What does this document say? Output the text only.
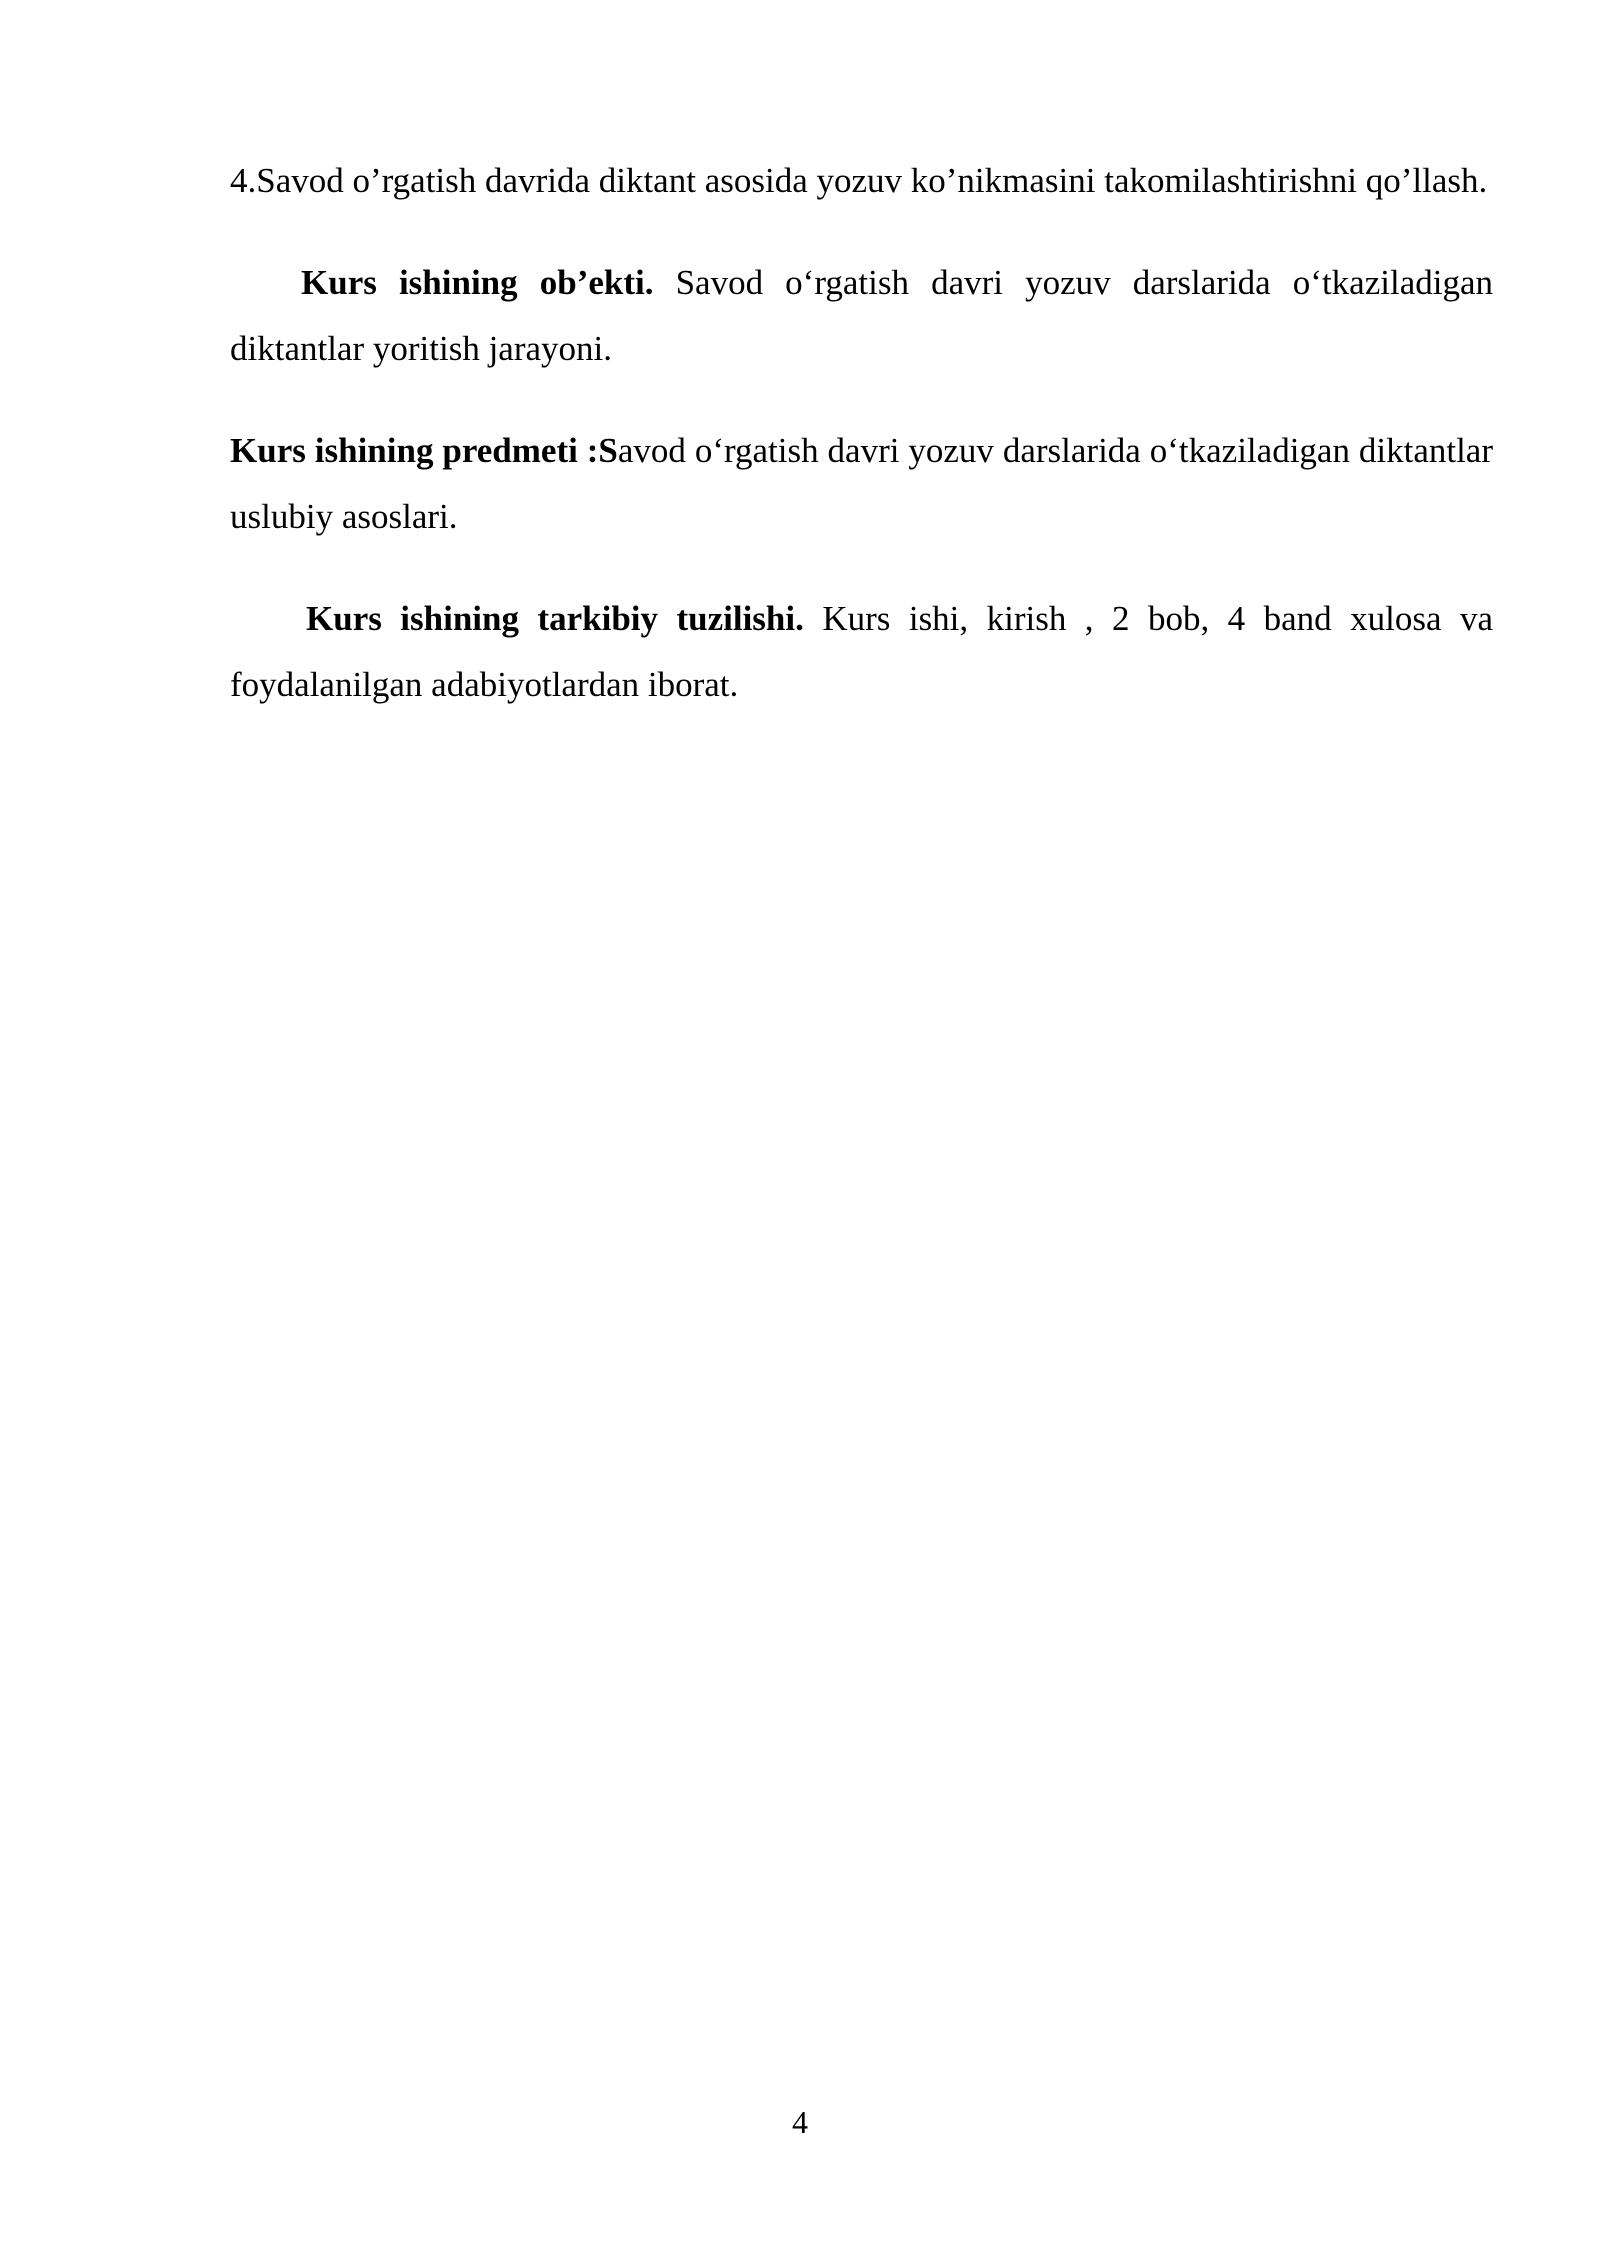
4.Savod o’rgatish davrida diktant asosida yozuv ko’nikmasini takomilashtirishni qo’llash.

Kurs ishining ob’ekti. Savod o‘rgatish davri yozuv darslarida o‘tkaziladigan diktantlar yoritish jarayoni.

Kurs ishining predmeti :Savod o‘rgatish davri yozuv darslarida o‘tkaziladigan diktantlar uslubiy asoslari.

Kurs ishining tarkibiy tuzilishi. Kurs ishi, kirish , 2 bob, 4 band xulosa va foydalanilgan adabiyotlardan iborat.

4
